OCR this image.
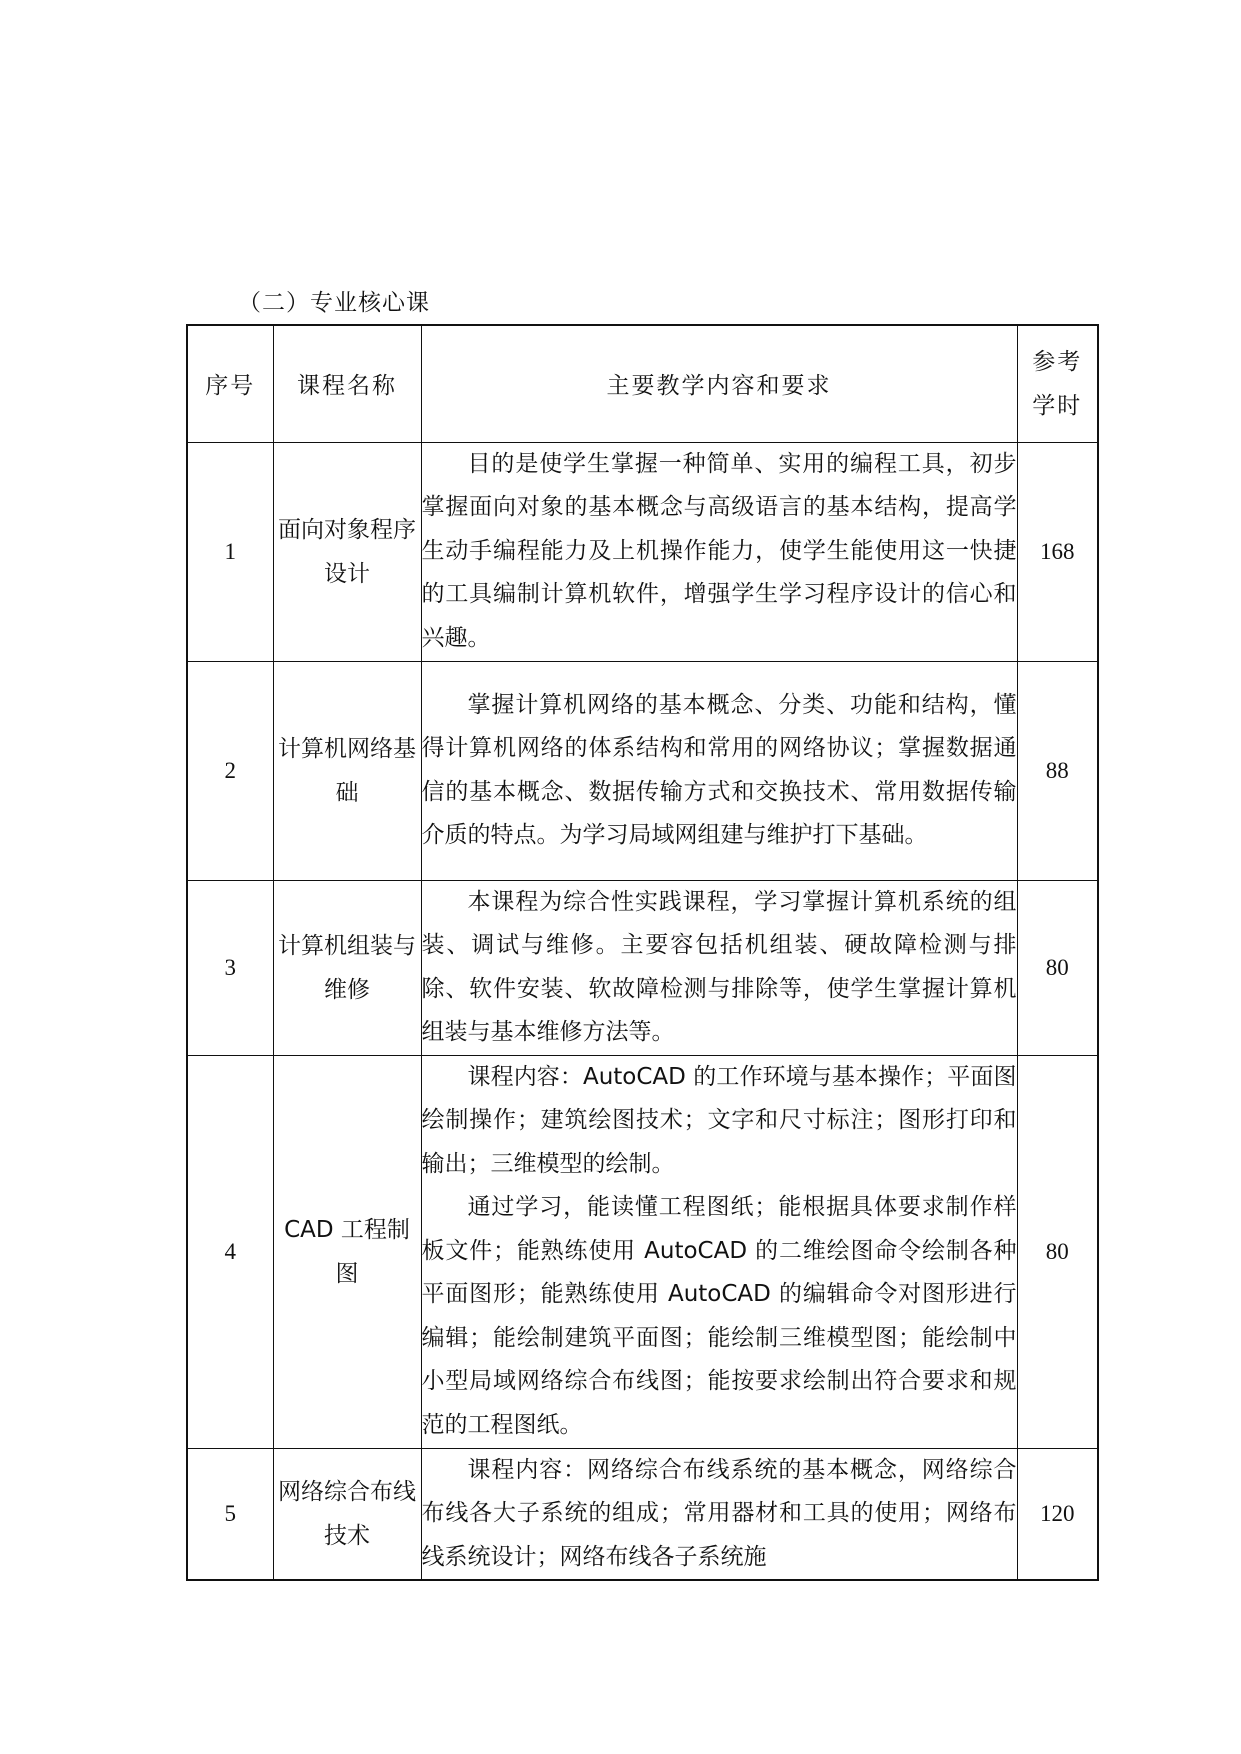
（二）专业核心课
序号	课程名称	主要教学内容和要求	参考
学时

1	面向对象程序设计	目的是使学生掌握一种简单、实用的编程工具，初步掌握面向对象的基本概念与高级语言的基本结构，提高学生动手编程能力及上机操作能力，使学生能使用这一快捷的工具编制计算机软件，增强学生学习程序设计的信心和兴趣。	168
2	计算机网络基础	掌握计算机网络的基本概念、分类、功能和结构，懂得计算机网络的体系结构和常用的网络协议；掌握数据通信的基本概念、数据传输方式和交换技术、常用数据传输介质的特点。为学习局域网组建与维护打下基础。	88
3	计算机组装与维修	本课程为综合性实践课程，学习掌握计算机系统的组装、调试与维修。主要容包括机组装、硬故障检测与排除、软件安装、软故障检测与排除等，使学生掌握计算机组装与基本维修方法等。	80
4	CAD 工程制图	课程内容：AutoCAD 的工作环境与基本操作；平面图绘制操作；建筑绘图技术；文字和尺寸标注；图形打印和输出；三维模型的绘制。

通过学习，能读懂工程图纸；能根据具体要求制作样板文件；能熟练使用 AutoCAD 的二维绘图命令绘制各种平面图形；能熟练使用 AutoCAD 的编辑命令对图形进行编辑；能绘制建筑平面图；能绘制三维模型图；能绘制中小型局域网络综合布线图；能按要求绘制出符合要求和规范的工程图纸。	80
5	网络综合布线技术	课程内容：网络综合布线系统的基本概念，网络综合布线各大子系统的组成；常用器材和工具的使用；网络布线系统设计；网络布线各子系统施	120
